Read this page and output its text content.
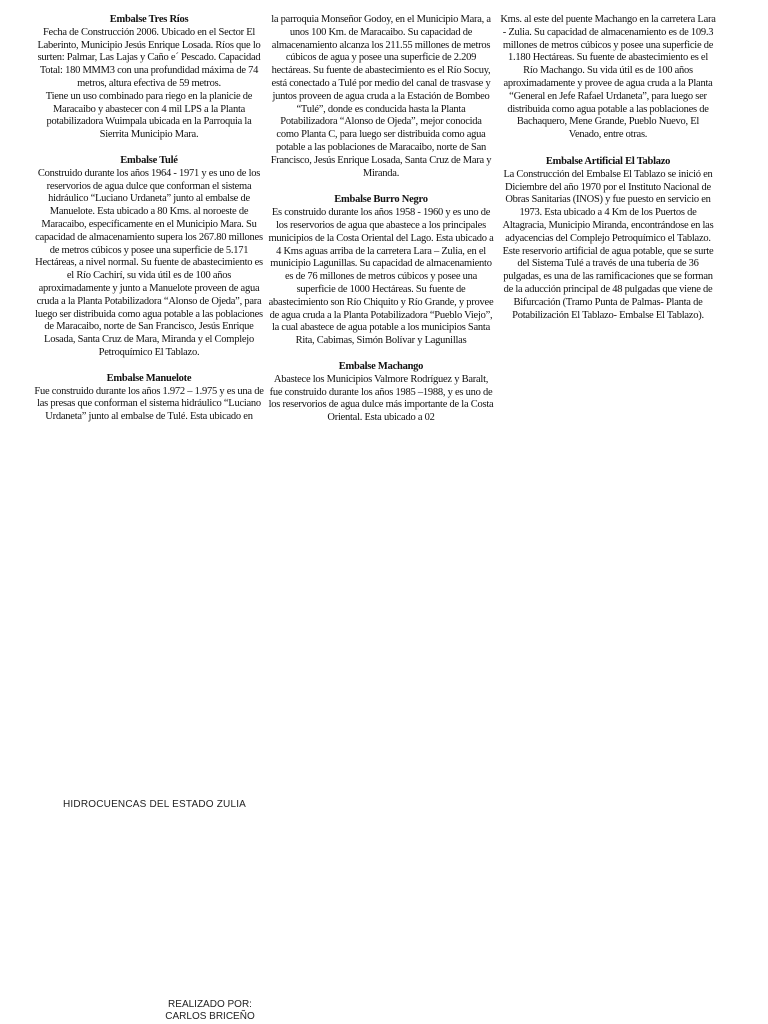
Embalse Tres Ríos

Fecha de Construcción 2006. Ubicado en el Sector El Laberinto, Municipio Jesús Enrique Losada. Ríos que lo surten: Palmar, Las Lajas y Caño e´ Pescado. Capacidad Total: 180 MMM3 con una profundidad máxima de 74 metros, altura efectiva de 59 metros.
Tiene un uso combinado para riego en la planicie de Maracaibo y abastecer con 4 mil LPS a la Planta potabilizadora Wuimpala ubicada en la Parroquia la Sierrita Municipio Mara.

Embalse Tulé

Construido durante los años 1964 - 1971 y es uno de los reservorios de agua dulce que conforman el sistema hidráulico “Luciano Urdaneta” junto al embalse de Manuelote. Esta ubicado a 80 Kms. al noroeste de Maracaibo, específicamente en el Municipio Mara. Su capacidad de almacenamiento supera los 267.80 millones de metros cúbicos y posee una superficie de 5.171 Hectáreas, a nivel normal. Su fuente de abastecimiento es el Río Cachirí, su vida útil es de 100 años aproximadamente y junto a Manuelote proveen de agua cruda a la Planta Potabilizadora “Alonso de Ojeda”, para luego ser distribuida como agua potable a las poblaciones de Maracaibo, norte de San Francisco, Jesús Enrique Losada, Santa Cruz de Mara, Miranda y el Complejo Petroquímico El Tablazo.

Embalse Manuelote

Fue construido durante los años 1.972 – 1.975 y es una de las presas que conforman el sistema hidráulico “Luciano Urdaneta” junto al embalse de Tulé. Esta ubicado en

la parroquia Monseñor Godoy, en el Municipio Mara, a unos 100 Km. de Maracaibo. Su capacidad de almacenamiento alcanza los 211.55 millones de metros cúbicos de agua y posee una superficie de 2.209 hectáreas. Su fuente de abastecimiento es el Río Socuy, está conectado a Tulé por medio del canal de trasvase y juntos proveen de agua cruda a la Estación de Bombeo “Tulé”, donde es conducida hasta la Planta Potabilizadora “Alonso de Ojeda”, mejor conocida como Planta C, para luego ser distribuida como agua potable a las poblaciones de Maracaibo, norte de San Francisco, Jesús Enrique Losada, Santa Cruz de Mara y Miranda.

Embalse Burro Negro

Es construido durante los años 1958 - 1960 y es uno de los reservorios de agua que abastece a los principales municipios de la Costa Oriental del Lago. Esta ubicado a 4 Kms aguas arriba de la carretera Lara – Zulia, en el municipio Lagunillas. Su capacidad de almacenamiento es de 76 millones de metros cúbicos y posee una superficie de 1000 Hectáreas. Su fuente de abastecimiento son Río Chiquito y Río Grande, y provee de agua cruda a la Planta Potabilizadora “Pueblo Viejo”, la cual abastece de agua potable a los municipios Santa Rita, Cabimas, Simón Bolívar y Lagunillas

Embalse Machango

Abastece los Municipios Valmore Rodríguez y Baralt, fue construido durante los años 1985 –1988, y es uno de los reservorios de agua dulce más importante de la Costa Oriental. Esta ubicado a 02

Kms. al este del puente Machango en la carretera Lara - Zulia. Su capacidad de almacenamiento es de 109.3 millones de metros cúbicos y posee una superficie de 1.180 Hectáreas. Su fuente de abastecimiento es el Río Machango. Su vida útil es de 100 años aproximadamente y provee de agua cruda a la Planta “General en Jefe Rafael Urdaneta”, para luego ser distribuida como agua potable a las poblaciones de Bachaquero, Mene Grande, Pueblo Nuevo, El Venado, entre otras.

Embalse Artificial El Tablazo

La Construcción del Embalse El Tablazo se inició en Diciembre del año 1970 por el Instituto Nacional de Obras Sanitarias (INOS) y fue puesto en servicio en 1973. Esta ubicado a 4 Km de los Puertos de Altagracia, Municipio Miranda, encontrándose en las adyacencias del Complejo Petroquímico el Tablazo. Este reservorio artificial de agua potable, que se surte del Sistema Tulé a través de una tubería de 36 pulgadas, es una de las ramificaciones que se forman de la aducción principal de 48 pulgadas que viene de Bifurcación (Tramo Punta de Palmas- Planta de Potabilización El Tablazo- Embalse El Tablazo).

HIDROCUENCAS DEL ESTADO ZULIA
REALIZADO POR:
CARLOS BRICEÑO
